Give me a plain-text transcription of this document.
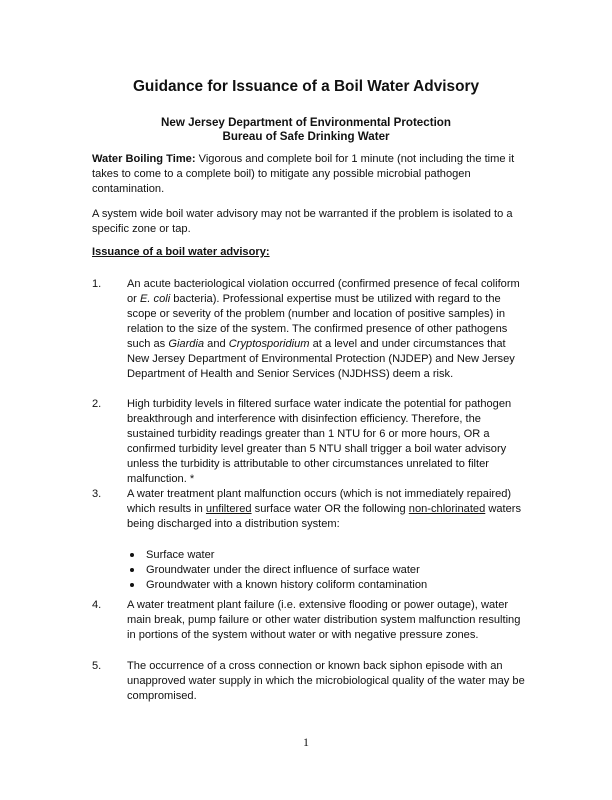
Guidance for Issuance of a Boil Water Advisory
New Jersey Department of Environmental Protection
Bureau of Safe Drinking Water
Water Boiling Time: Vigorous and complete boil for 1 minute (not including the time it takes to come to a complete boil) to mitigate any possible microbial pathogen contamination.
A system wide boil water advisory may not be warranted if the problem is isolated to a specific zone or tap.
Issuance of a boil water advisory:
1.	An acute bacteriological violation occurred (confirmed presence of fecal coliform or E. coli bacteria). Professional expertise must be utilized with regard to the scope or severity of the problem (number and location of positive samples) in relation to the size of the system. The confirmed presence of other pathogens such as Giardia and Cryptosporidium at a level and under circumstances that New Jersey Department of Environmental Protection (NJDEP) and New Jersey Department of Health and Senior Services (NJDHSS) deem a risk.
2.	High turbidity levels in filtered surface water indicate the potential for pathogen breakthrough and interference with disinfection efficiency. Therefore, the sustained turbidity readings greater than 1 NTU for 6 or more hours, OR a confirmed turbidity level greater than 5 NTU shall trigger a boil water advisory unless the turbidity is attributable to other circumstances unrelated to filter malfunction. *
3.	A water treatment plant malfunction occurs (which is not immediately repaired) which results in unfiltered surface water OR the following non-chlorinated waters being discharged into a distribution system:
Surface water
Groundwater under the direct influence of surface water
Groundwater with a known history coliform contamination
4.	A water treatment plant failure (i.e. extensive flooding or power outage), water main break, pump failure or other water distribution system malfunction resulting in portions of the system without water or with negative pressure zones.
5.	The occurrence of a cross connection or known back siphon episode with an unapproved water supply in which the microbiological quality of the water may be compromised.
1
